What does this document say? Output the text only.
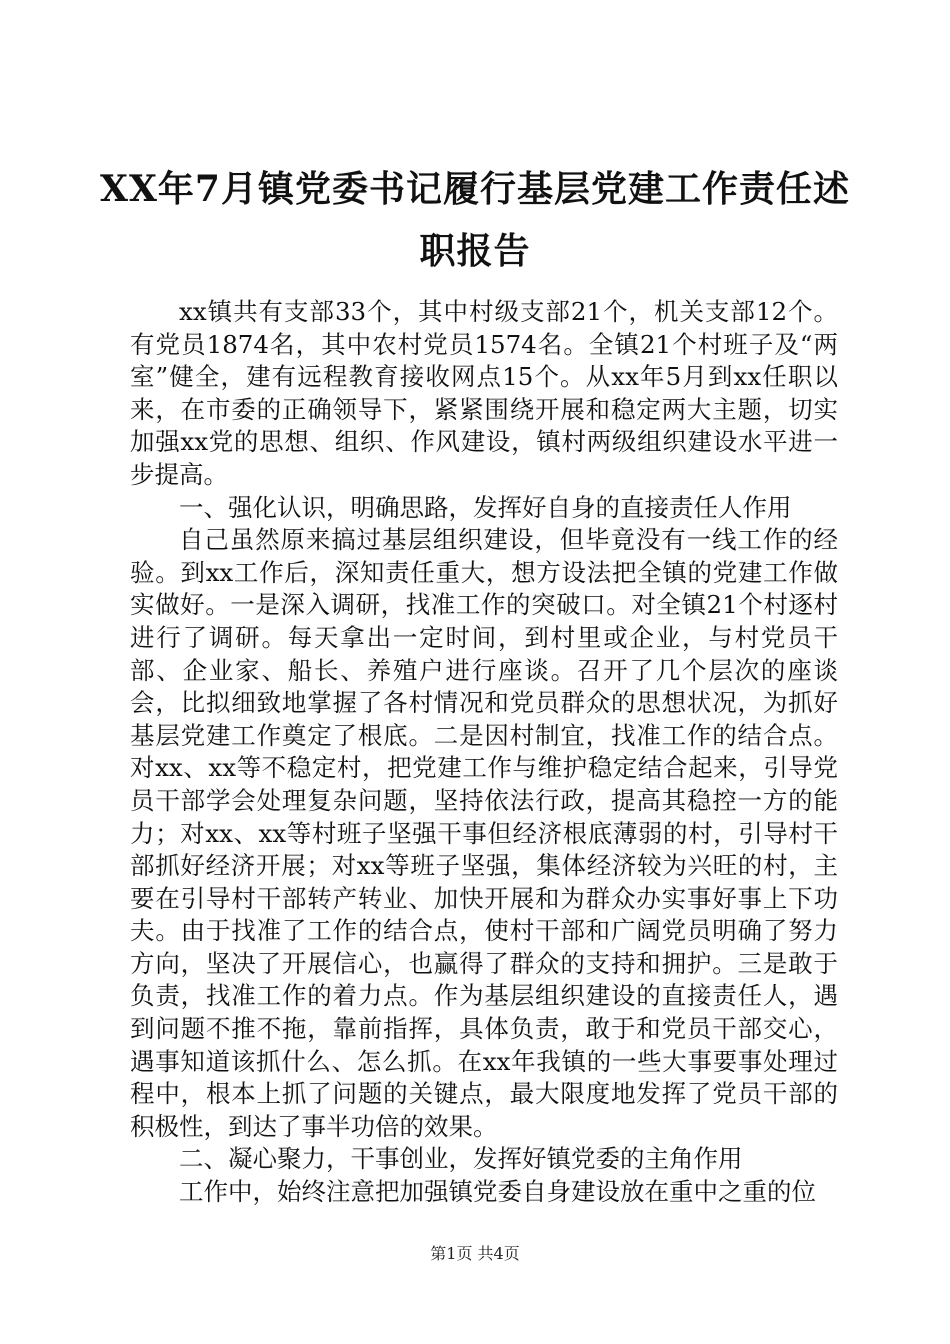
XX年7月镇党委书记履行基层党建工作责任述职报告

xx镇共有支部33个，其中村级支部21个，机关支部12个。有党员1874名，其中农村党员1574名。全镇21个村班子及“两室”健全，建有远程教育接收网点15个。从xx年5月到xx任职以来，在市委的正确领导下，紧紧围绕开展和稳定两大主题，切实加强xx党的思想、组织、作风建设，镇村两级组织建设水平进一步提高。

一、强化认识，明确思路，发挥好自身的直接责任人作用

自己虽然原来搞过基层组织建设，但毕竟没有一线工作的经验。到xx工作后，深知责任重大，想方设法把全镇的党建工作做实做好。一是深入调研，找准工作的突破口。对全镇21个村逐村进行了调研。每天拿出一定时间，到村里或企业，与村党员干部、企业家、船长、养殖户进行座谈。召开了几个层次的座谈会，比拟细致地掌握了各村情况和党员群众的思想状况，为抓好基层党建工作奠定了根底。二是因村制宜，找准工作的结合点。对xx、xx等不稳定村，把党建工作与维护稳定结合起来，引导党员干部学会处理复杂问题，坚持依法行政，提高其稳控一方的能力；对xx、xx等村班子坚强干事但经济根底薄弱的村，引导村干部抓好经济开展；对xx等班子坚强，集体经济较为兴旺的村，主要在引导村干部转产转业、加快开展和为群众办实事好事上下功夫。由于找准了工作的结合点，使村干部和广阔党员明确了努力方向，坚决了开展信心，也赢得了群众的支持和拥护。三是敢于负责，找准工作的着力点。作为基层组织建设的直接责任人，遇到问题不推不拖，靠前指挥，具体负责，敢于和党员干部交心，遇事知道该抓什么、怎么抓。在xx年我镇的一些大事要事处理过程中，根本上抓了问题的关键点，最大限度地发挥了党员干部的积极性，到达了事半功倍的效果。

二、凝心聚力，干事创业，发挥好镇党委的主角作用

工作中，始终注意把加强镇党委自身建设放在重中之重的位

第1页 共4页
